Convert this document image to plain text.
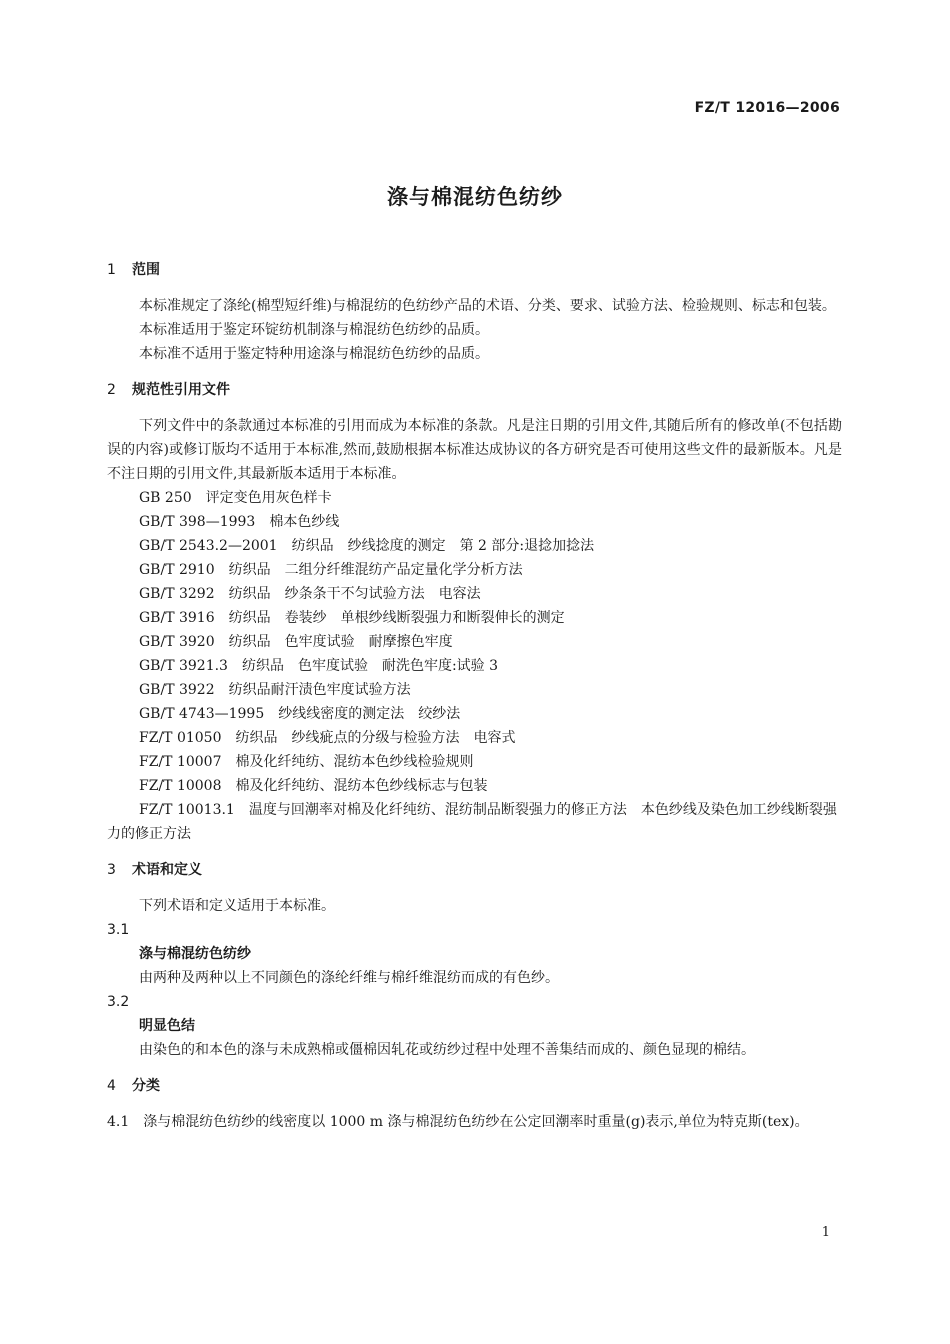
FZ/T 12016—2006
涤与棉混纺色纺纱

1 范围

本标准规定了涤纶(棉型短纤维)与棉混纺的色纺纱产品的术语、分类、要求、试验方法、检验规则、标志和包装。

本标准适用于鉴定环锭纺机制涤与棉混纺色纺纱的品质。

本标准不适用于鉴定特种用途涤与棉混纺色纺纱的品质。

2 规范性引用文件

下列文件中的条款通过本标准的引用而成为本标准的条款。凡是注日期的引用文件,其随后所有的修改单(不包括勘误的内容)或修订版均不适用于本标准,然而,鼓励根据本标准达成协议的各方研究是否可使用这些文件的最新版本。凡是不注日期的引用文件,其最新版本适用于本标准。

GB 250　评定变色用灰色样卡

GB/T 398—1993　棉本色纱线

GB/T 2543.2—2001　纺织品　纱线捻度的测定　第 2 部分:退捻加捻法

GB/T 2910　纺织品　二组分纤维混纺产品定量化学分析方法

GB/T 3292　纺织品　纱条条干不匀试验方法　电容法

GB/T 3916　纺织品　卷装纱　单根纱线断裂强力和断裂伸长的测定

GB/T 3920　纺织品　色牢度试验　耐摩擦色牢度

GB/T 3921.3　纺织品　色牢度试验　耐洗色牢度:试验 3

GB/T 3922　纺织品耐汗渍色牢度试验方法

GB/T 4743—1995　纱线线密度的测定法　绞纱法

FZ/T 01050　纺织品　纱线疵点的分级与检验方法　电容式

FZ/T 10007　棉及化纤纯纺、混纺本色纱线检验规则

FZ/T 10008　棉及化纤纯纺、混纺本色纱线标志与包装

FZ/T 10013.1　温度与回潮率对棉及化纤纯纺、混纺制品断裂强力的修正方法　本色纱线及染色加工纱线断裂强力的修正方法

3 术语和定义

下列术语和定义适用于本标准。

3.1

涤与棉混纺色纺纱

由两种及两种以上不同颜色的涤纶纤维与棉纤维混纺而成的有色纱。

3.2

明显色结

由染色的和本色的涤与未成熟棉或僵棉因轧花或纺纱过程中处理不善集结而成的、颜色显现的棉结。

4 分类

4.1 涤与棉混纺色纺纱的线密度以 1000 m 涤与棉混纺色纺纱在公定回潮率时重量(g)表示,单位为特克斯(tex)。

1
